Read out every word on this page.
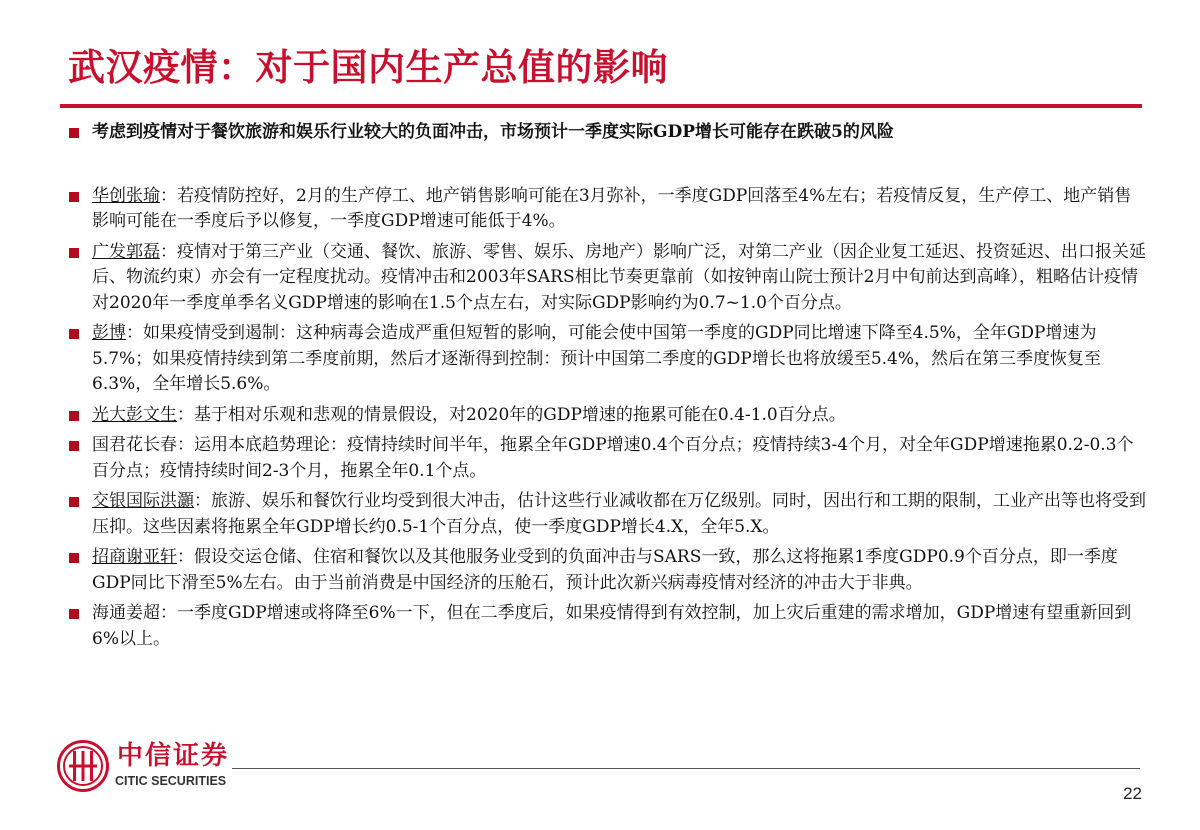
武汉疫情：对于国内生产总值的影响
考虑到疫情对于餐饮旅游和娱乐行业较大的负面冲击，市场预计一季度实际GDP增长可能存在跌破5的风险
华创张瑜：若疫情防控好，2月的生产停工、地产销售影响可能在3月弥补，一季度GDP回落至4%左右；若疫情反复，生产停工、地产销售影响可能在一季度后予以修复，一季度GDP增速可能低于4%。
广发郭磊：疫情对于第三产业（交通、餐饮、旅游、零售、娱乐、房地产）影响广泛，对第二产业（因企业复工延迟、投资延迟、出口报关延后、物流约束）亦会有一定程度扰动。疫情冲击和2003年SARS相比节奏更靠前（如按钟南山院士预计2月中旬前达到高峰），粗略估计疫情对2020年一季度单季名义GDP增速的影响在1.5个点左右，对实际GDP影响约为0.7~1.0个百分点。
彭博：如果疫情受到遏制：这种病毒会造成严重但短暂的影响，可能会使中国第一季度的GDP同比增速下降至4.5%，全年GDP增速为5.7%；如果疫情持续到第二季度前期，然后才逐渐得到控制：预计中国第二季度的GDP增长也将放缓至5.4%，然后在第三季度恢复至6.3%，全年增长5.6%。
光大彭文生：基于相对乐观和悲观的情景假设，对2020年的GDP增速的拖累可能在0.4-1.0百分点。
国君花长春：运用本底趋势理论：疫情持续时间半年，拖累全年GDP增速0.4个百分点；疫情持续3-4个月，对全年GDP增速拖累0.2-0.3个百分点；疫情持续时间2-3个月，拖累全年0.1个点。
交银国际洪灝：旅游、娱乐和餐饮行业均受到很大冲击，估计这些行业减收都在万亿级别。同时，因出行和工期的限制，工业产出等也将受到压抑。这些因素将拖累全年GDP增长约0.5-1个百分点，使一季度GDP增长4.X，全年5.X。
招商谢亚轩：假设交运仓储、住宿和餐饮以及其他服务业受到的负面冲击与SARS一致，那么这将拖累1季度GDP0.9个百分点，即一季度GDP同比下滑至5%左右。由于当前消费是中国经济的压舱石，预计此次新兴病毒疫情对经济的冲击大于非典。
海通姜超：一季度GDP增速或将降至6%一下，但在二季度后，如果疫情得到有效控制，加上灾后重建的需求增加，GDP增速有望重新回到6%以上。
中信证券
CITIC SECURITIES
22
